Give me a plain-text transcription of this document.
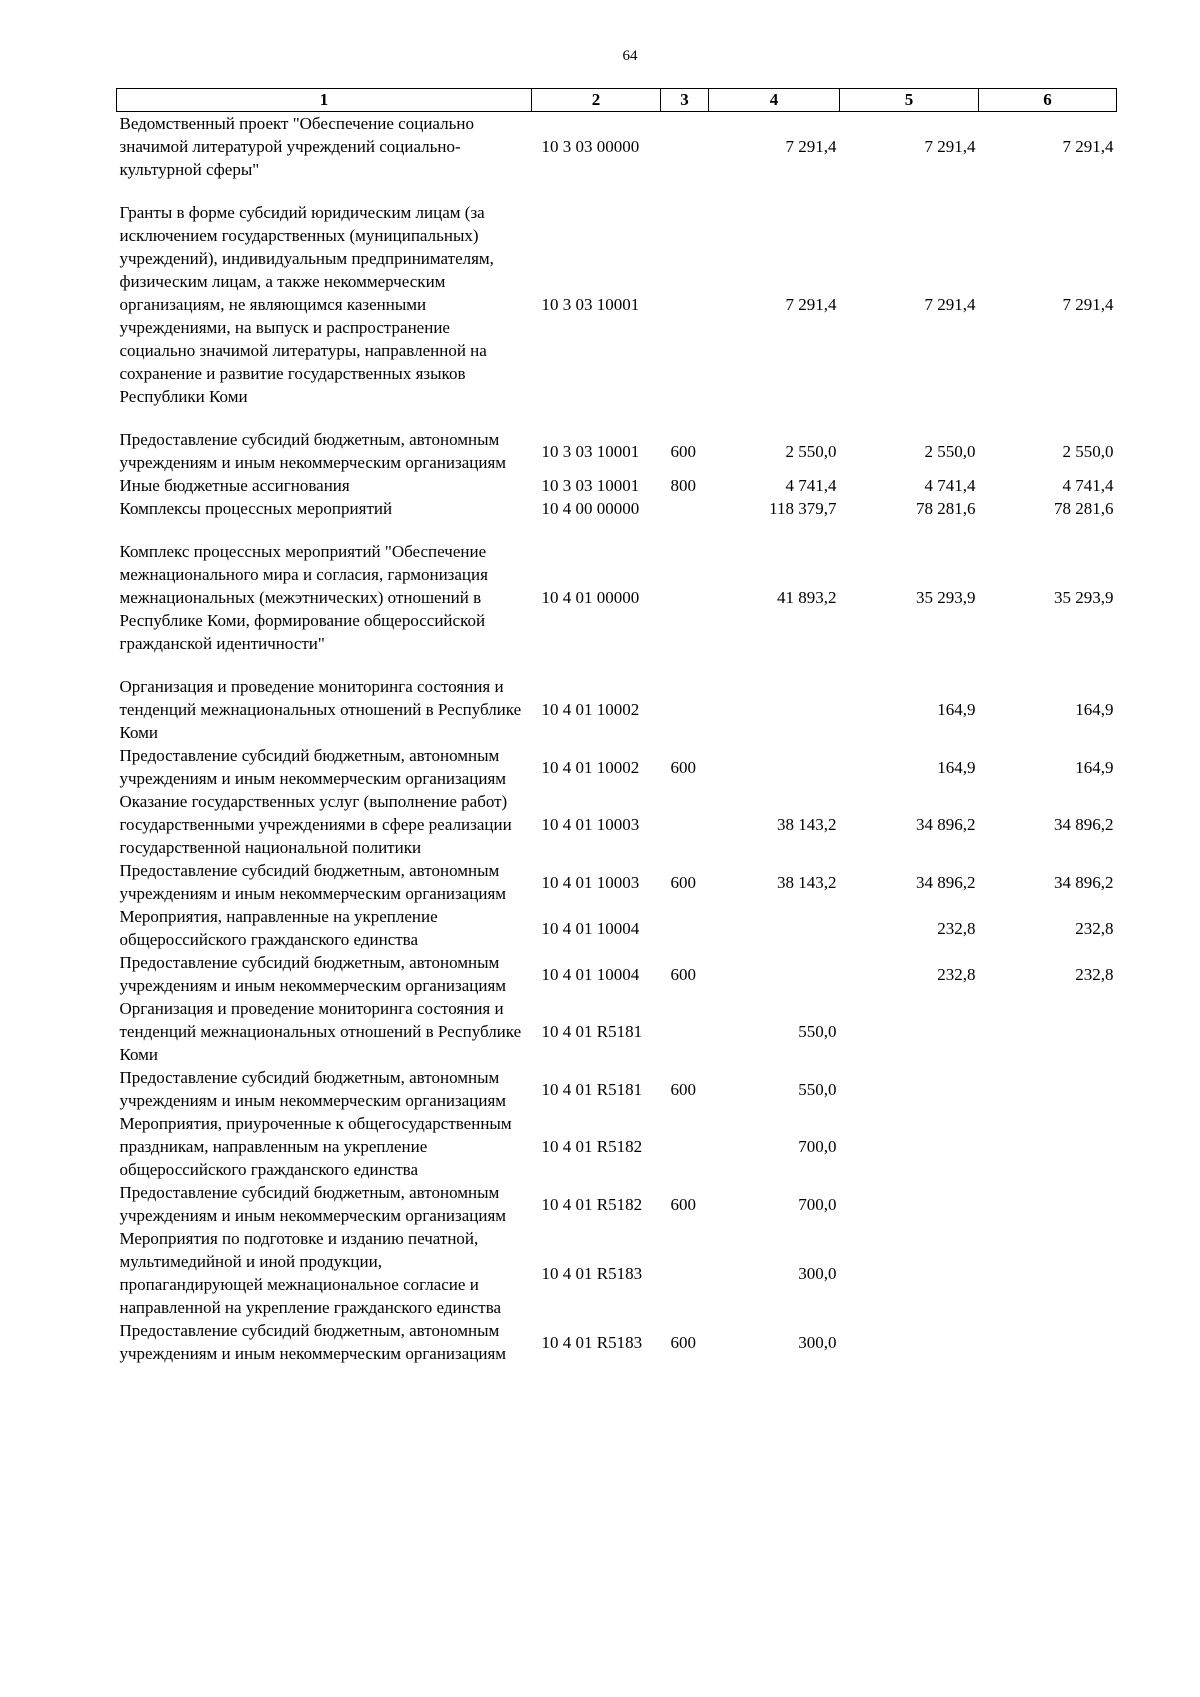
64
1	2	3	4	5	6
Ведомственный проект "Обеспечение социально значимой литературой учреждений социально-культурной сферы"	10 3 03 00000		7 291,4	7 291,4	7 291,4

Гранты в форме субсидий юридическим лицам (за исключением государственных (муниципальных) учреждений), индивидуальным предпринимателям, физическим лицам, а также некоммерческим организациям, не являющимся казенными учреждениями, на выпуск и распространение социально значимой литературы, направленной на сохранение и развитие государственных языков Республики Коми	10 3 03 10001		7 291,4	7 291,4	7 291,4

Предоставление субсидий бюджетным, автономным учреждениям и иным некоммерческим организациям	10 3 03 10001	600	2 550,0	2 550,0	2 550,0
Иные бюджетные ассигнования	10 3 03 10001	800	4 741,4	4 741,4	4 741,4
Комплексы процессных мероприятий	10 4 00 00000		118 379,7	78 281,6	78 281,6

Комплекс процессных мероприятий "Обеспечение межнационального мира и согласия, гармонизация межнациональных (межэтнических) отношений в Республике Коми, формирование общероссийской гражданской идентичности"	10 4 01 00000		41 893,2	35 293,9	35 293,9

Организация и проведение мониторинга состояния и тенденций межнациональных отношений в Республике Коми	10 4 01 10002			164,9	164,9
Предоставление субсидий бюджетным, автономным учреждениям и иным некоммерческим организациям	10 4 01 10002	600		164,9	164,9
Оказание государственных услуг (выполнение работ) государственными учреждениями в сфере реализации государственной национальной политики	10 4 01 10003		38 143,2	34 896,2	34 896,2
Предоставление субсидий бюджетным, автономным учреждениям и иным некоммерческим организациям	10 4 01 10003	600	38 143,2	34 896,2	34 896,2
Мероприятия, направленные на укрепление общероссийского гражданского единства	10 4 01 10004			232,8	232,8
Предоставление субсидий бюджетным, автономным учреждениям и иным некоммерческим организациям	10 4 01 10004	600		232,8	232,8
Организация и проведение мониторинга состояния и тенденций межнациональных отношений в Республике Коми	10 4 01 R5181		550,0		
Предоставление субсидий бюджетным, автономным учреждениям и иным некоммерческим организациям	10 4 01 R5181	600	550,0		
Мероприятия, приуроченные к общегосударственным праздникам, направленным на укрепление общероссийского гражданского единства	10 4 01 R5182		700,0		
Предоставление субсидий бюджетным, автономным учреждениям и иным некоммерческим организациям	10 4 01 R5182	600	700,0		
Мероприятия по подготовке и изданию печатной, мультимедийной и иной продукции, пропагандирующей межнациональное согласие и направленной на укрепление гражданского единства	10 4 01 R5183		300,0		
Предоставление субсидий бюджетным, автономным учреждениям и иным некоммерческим организациям	10 4 01 R5183	600	300,0		
